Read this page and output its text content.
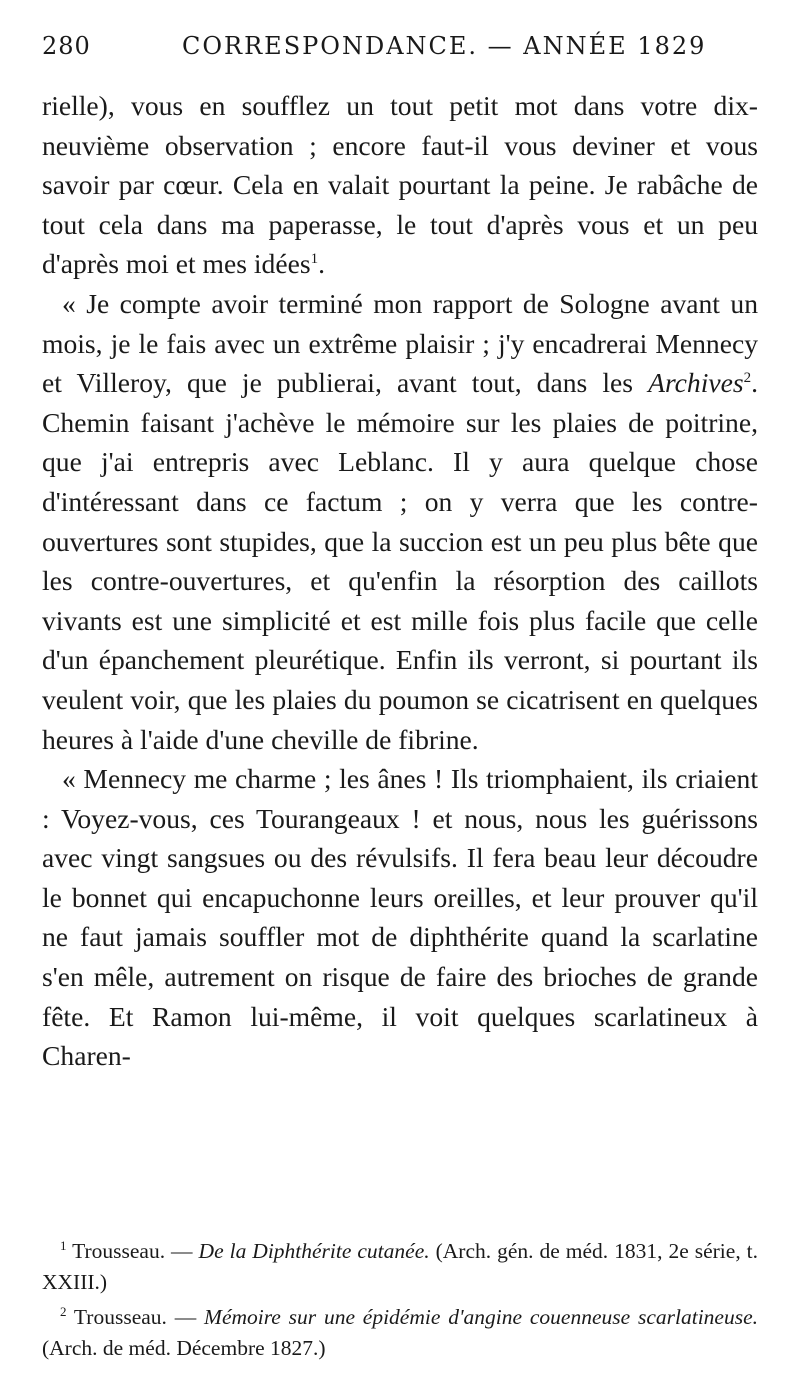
280	CORRESPONDANCE. — ANNÉE 1829

rielle), vous en soufflez un tout petit mot dans votre dix-neuvième observation ; encore faut-il vous deviner et vous savoir par cœur. Cela en valait pourtant la peine. Je rabâche de tout cela dans ma paperasse, le tout d'après vous et un peu d'après moi et mes idées$^1$.

« Je compte avoir terminé mon rapport de Sologne avant un mois, je le fais avec un extrême plaisir ; j'y encadrerai Mennecy et Villeroy, que je publierai, avant tout, dans les Archives$^2$. Chemin faisant j'achève le mémoire sur les plaies de poitrine, que j'ai entrepris avec Leblanc. Il y aura quelque chose d'intéressant dans ce factum ; on y verra que les contre-ouvertures sont stupides, que la succion est un peu plus bête que les contre-ouvertures, et qu'enfin la résorption des caillots vivants est une simplicité et est mille fois plus facile que celle d'un épanchement pleurétique. Enfin ils verront, si pourtant ils veulent voir, que les plaies du poumon se cicatrisent en quelques heures à l'aide d'une cheville de fibrine.

« Mennecy me charme ; les ânes ! Ils triomphaient, ils criaient : Voyez-vous, ces Tourangeaux ! et nous, nous les guérissons avec vingt sangsues ou des révulsifs. Il fera beau leur découdre le bonnet qui encapuchonne leurs oreilles, et leur prouver qu'il ne faut jamais souffler mot de diphthérite quand la scarlatine s'en mêle, autrement on risque de faire des brioches de grande fête. Et Ramon lui-même, il voit quelques scarlatineux à Charen-

$^1$ Trousseau. — De la Diphthérite cutanée. (Arch. gén. de méd. 1831, 2e série, t. XXIII.)

$^2$ Trousseau. — Mémoire sur une épidémie d'angine couenneuse scarlatineuse. (Arch. de méd. Décembre 1827.)
